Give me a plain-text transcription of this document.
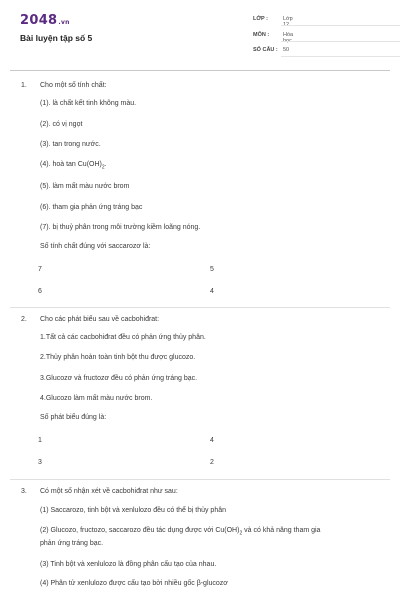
2048.vn
Bài luyện tập số 5
LỚP :	Lớp 12
MÔN :	Hóa học
SỐ CÂU : 50
1. Cho một số tính chất:
(1). là chất kết tinh không màu.
(2). có vị ngọt
(3). tan trong nước.
(4). hoà $\tan Cu(OH)_2$.
(5). làm mất màu nước brom
(6). tham gia phản ứng tráng bạc
(7). bị thuỷ phân trong môi trường kiềm loãng nóng.
Số tính chất đúng với saccarozơ là:
7	5
6	4
2. Cho các phát biểu sau về cacbohiđrat:
1.Tất cả các cacbohiđrat đều có phản ứng thủy phân.
2.Thủy phân hoàn toàn tinh bột thu được glucozo.
3.Glucozơ và fructozơ đều có phản ứng tráng bạc.
4.Glucozo làm mất màu nước brom.
Số phát biểu đúng là:
1	4
3	2
3. Có một số nhận xét về cacbohiđrat như sau:
(1) Saccarozo, tinh bột và xenlulozo đều có thể bị thủy phân
(2) Glucozo, fructozo, saccarozo đều tác dụng được với $Cu(OH)_2$ và có khả năng tham gia
phản ứng tráng bạc.
(3) Tinh bột và xenlulozo là đồng phân cấu tạo của nhau.
(4) Phân tử xenlulozo được cấu tạo bởi nhiều gốc β-glucozơ
